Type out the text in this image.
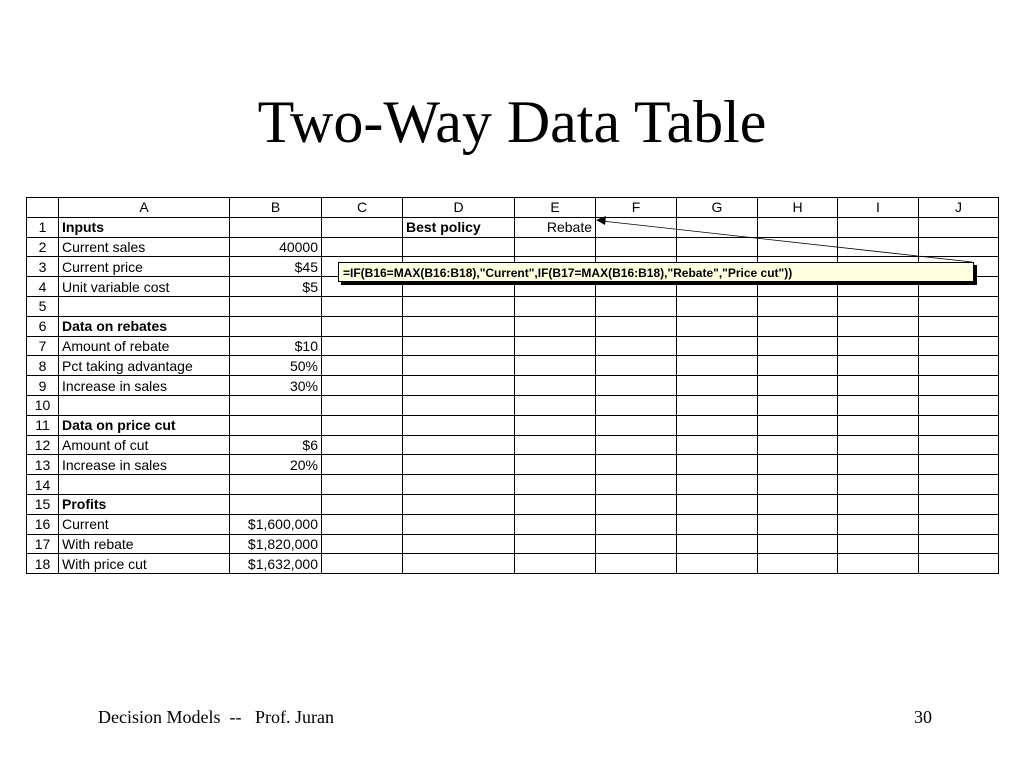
Two-Way Data Table
	A	B	C	D	E	F	G	H	I	J
1	Inputs			Best policy	Rebate					
2	Current sales	40000								
3	Current price	$45								
4	Unit variable cost	$5								
5										
6	Data on rebates									
7	Amount of rebate	$10								
8	Pct taking advantage	50%								
9	Increase in sales	30%								
10										
11	Data on price cut									
12	Amount of cut	$6								
13	Increase in sales	20%								
14										
15	Profits									
16	Current	$1,600,000								
17	With rebate	$1,820,000								
18	With price cut	$1,632,000								
=IF(B16=MAX(B16:B18),"Current",IF(B17=MAX(B16:B18),"Rebate","Price cut"))
Decision Models  --   Prof. Juran	30
